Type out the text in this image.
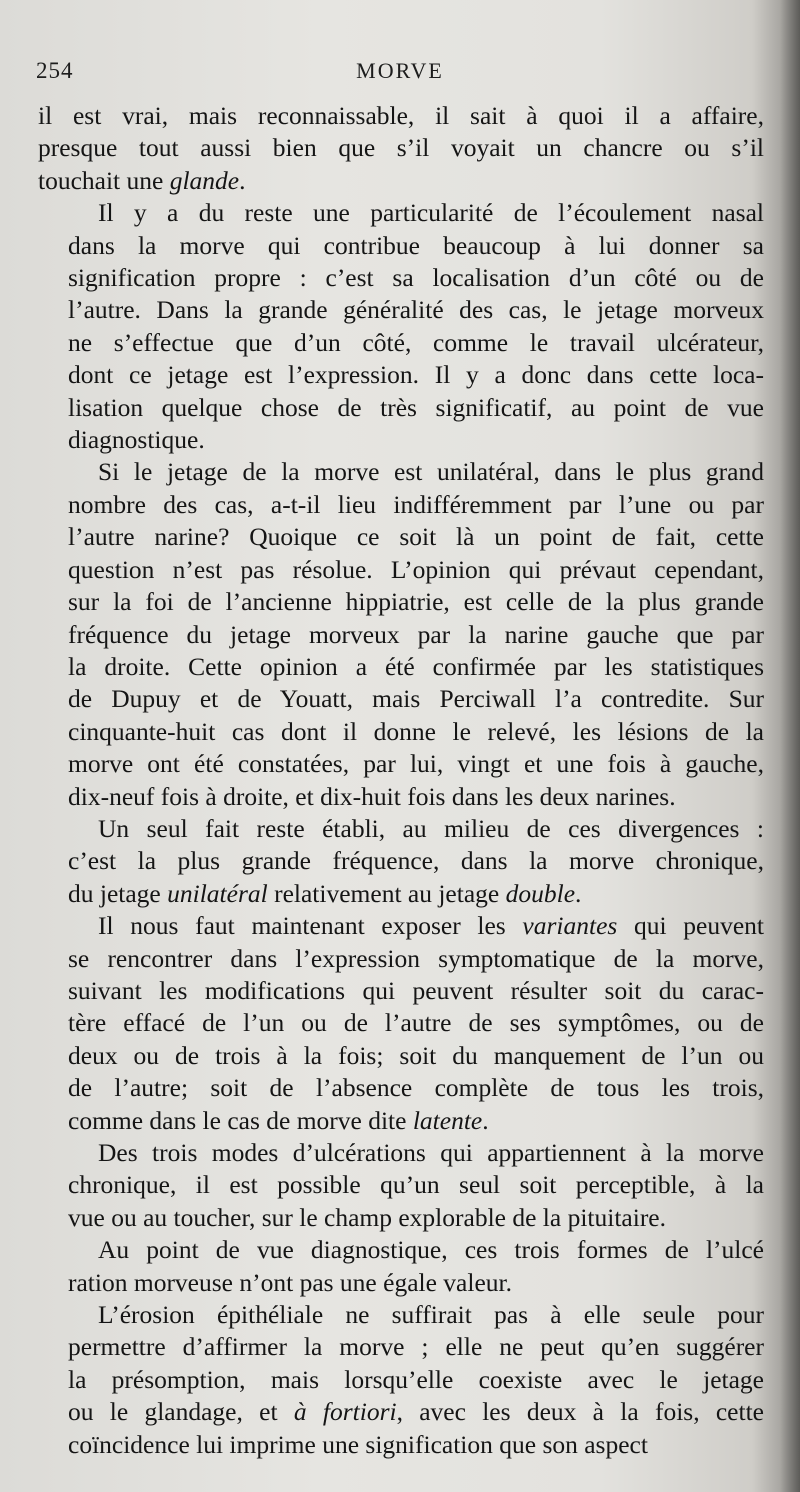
254	MORVE
il est vrai, mais reconnaissable, il sait à quoi il a affaire,
presque tout aussi bien que s’il voyait un chancre ou s’il
touchait une glande.
Il y a du reste une particularité de l’écoulement nasal
dans la morve qui contribue beaucoup à lui donner sa
signification propre : c’est sa localisation d’un côté ou de
l’autre. Dans la grande généralité des cas, le jetage morveux
ne s’effectue que d’un côté, comme le travail ulcérateur,
dont ce jetage est l’expression. Il y a donc dans cette loca-
lisation quelque chose de très significatif, au point de vue
diagnostique.
Si le jetage de la morve est unilatéral, dans le plus grand
nombre des cas, a-t-il lieu indifféremment par l’une ou par
l’autre narine? Quoique ce soit là un point de fait, cette
question n’est pas résolue. L’opinion qui prévaut cependant,
sur la foi de l’ancienne hippiatrie, est celle de la plus grande
fréquence du jetage morveux par la narine gauche que par
la droite. Cette opinion a été confirmée par les statistiques
de Dupuy et de Youatt, mais Perciwall l’a contredite. Sur
cinquante-huit cas dont il donne le relevé, les lésions de la
morve ont été constatées, par lui, vingt et une fois à gauche,
dix-neuf fois à droite, et dix-huit fois dans les deux narines.
Un seul fait reste établi, au milieu de ces divergences :
c’est la plus grande fréquence, dans la morve chronique,
du jetage unilatéral relativement au jetage double.
Il nous faut maintenant exposer les variantes qui peuvent
se rencontrer dans l’expression symptomatique de la morve,
suivant les modifications qui peuvent résulter soit du carac-
tère effacé de l’un ou de l’autre de ses symptômes, ou de
deux ou de trois à la fois; soit du manquement de l’un ou
de l’autre; soit de l’absence complète de tous les trois,
comme dans le cas de morve dite latente.
Des trois modes d’ulcérations qui appartiennent à la morve
chronique, il est possible qu’un seul soit perceptible, à la
vue ou au toucher, sur le champ explorable de la pituitaire.
Au point de vue diagnostique, ces trois formes de l’ulcé
ration morveuse n’ont pas une égale valeur.
L’érosion épithéliale ne suffirait pas à elle seule pour
permettre d’affirmer la morve ; elle ne peut qu’en suggérer
la présomption, mais lorsqu’elle coexiste avec le jetage
ou le glandage, et à fortiori, avec les deux à la fois, cette
coïncidence lui imprime une signification que son aspect
